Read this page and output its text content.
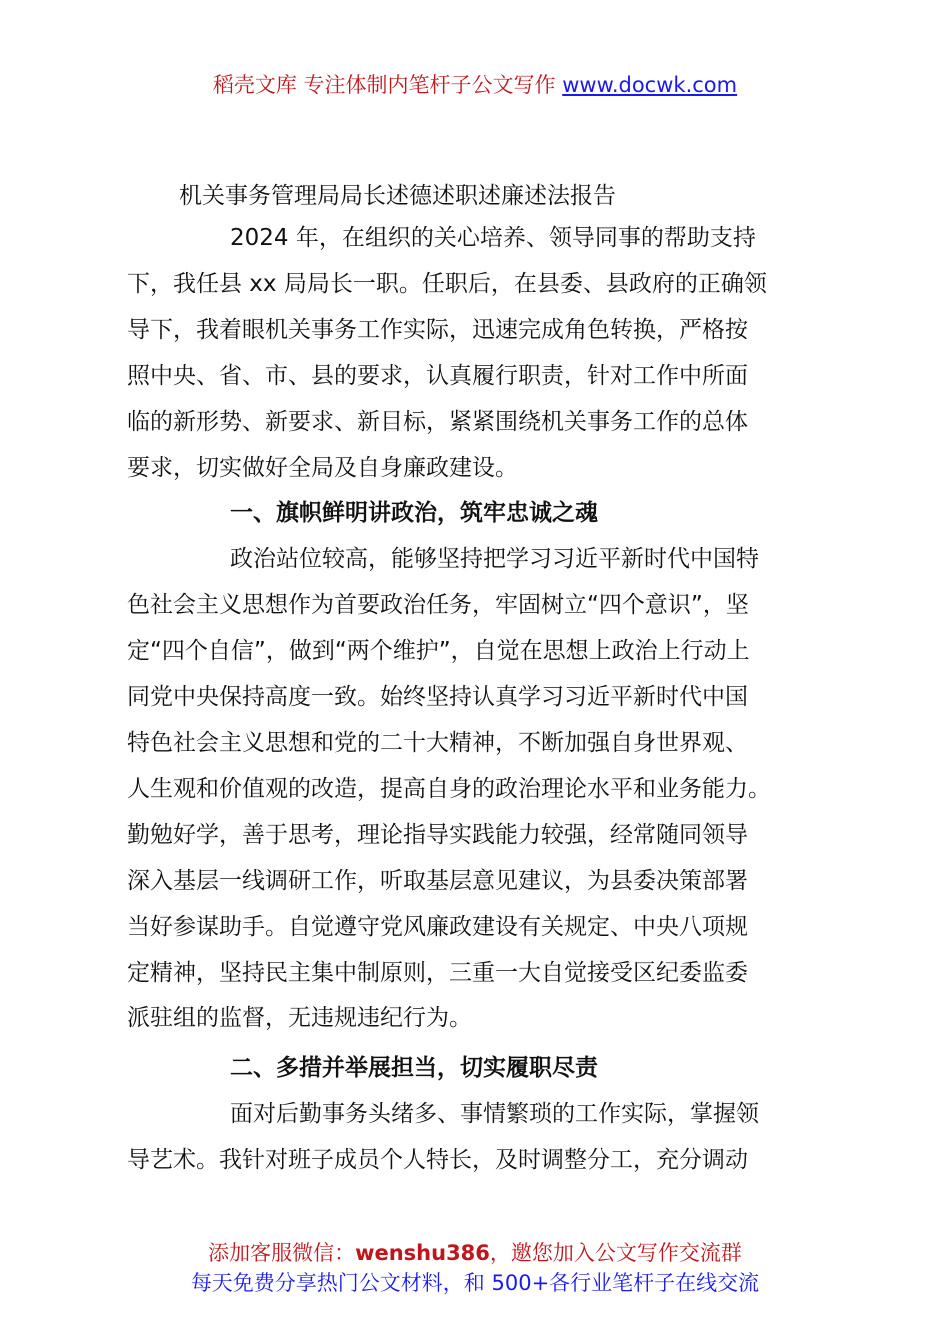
稻壳文库 专注体制内笔杆子公文写作 www.docwk.com
机关事务管理局局长述德述职述廉述法报告

2024 年，在组织的关心培养、领导同事的帮助支持
下，我任县 xx 局局长一职。任职后，在县委、县政府的正确领
导下，我着眼机关事务工作实际，迅速完成角色转换，严格按
照中央、省、市、县的要求，认真履行职责，针对工作中所面
临的新形势、新要求、新目标，紧紧围绕机关事务工作的总体
要求，切实做好全局及自身廉政建设。

一、旗帜鲜明讲政治，筑牢忠诚之魂

政治站位较高，能够坚持把学习习近平新时代中国特
色社会主义思想作为首要政治任务，牢固树立“四个意识”，坚
定“四个自信”，做到“两个维护”，自觉在思想上政治上行动上
同党中央保持高度一致。始终坚持认真学习习近平新时代中国
特色社会主义思想和党的二十大精神，不断加强自身世界观、
人生观和价值观的改造，提高自身的政治理论水平和业务能力。
勤勉好学，善于思考，理论指导实践能力较强，经常随同领导
深入基层一线调研工作，听取基层意见建议，为县委决策部署
当好参谋助手。自觉遵守党风廉政建设有关规定、中央八项规
定精神，坚持民主集中制原则，三重一大自觉接受区纪委监委
派驻组的监督，无违规违纪行为。

二、多措并举展担当，切实履职尽责

面对后勤事务头绪多、事情繁琐的工作实际，掌握领
导艺术。我针对班子成员个人特长，及时调整分工，充分调动

添加客服微信：wenshu386，邀您加入公文写作交流群
每天免费分享热门公文材料，和 500+各行业笔杆子在线交流
